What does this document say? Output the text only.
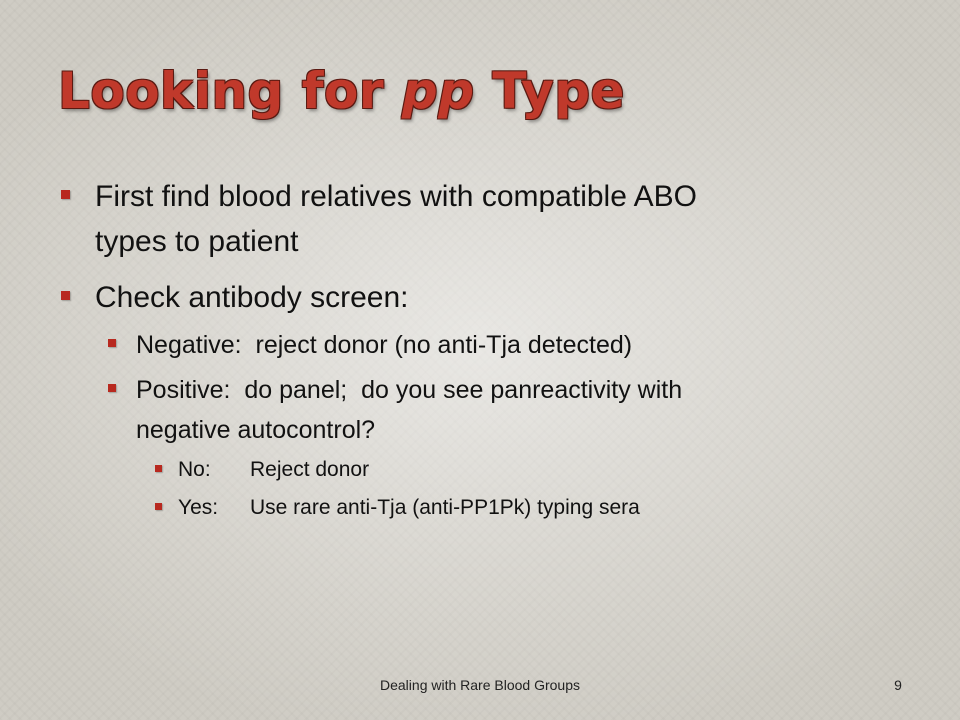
Looking for pp Type
First find blood relatives with compatible ABO
types to patient
Check antibody screen:
Negative:  reject donor (no anti-Tja detected)
Positive:  do panel;  do you see panreactivity with
negative autocontrol?
No: Reject donor
Yes: Use rare anti-Tja (anti-PP1Pk) typing sera
Dealing with Rare Blood Groups	9
